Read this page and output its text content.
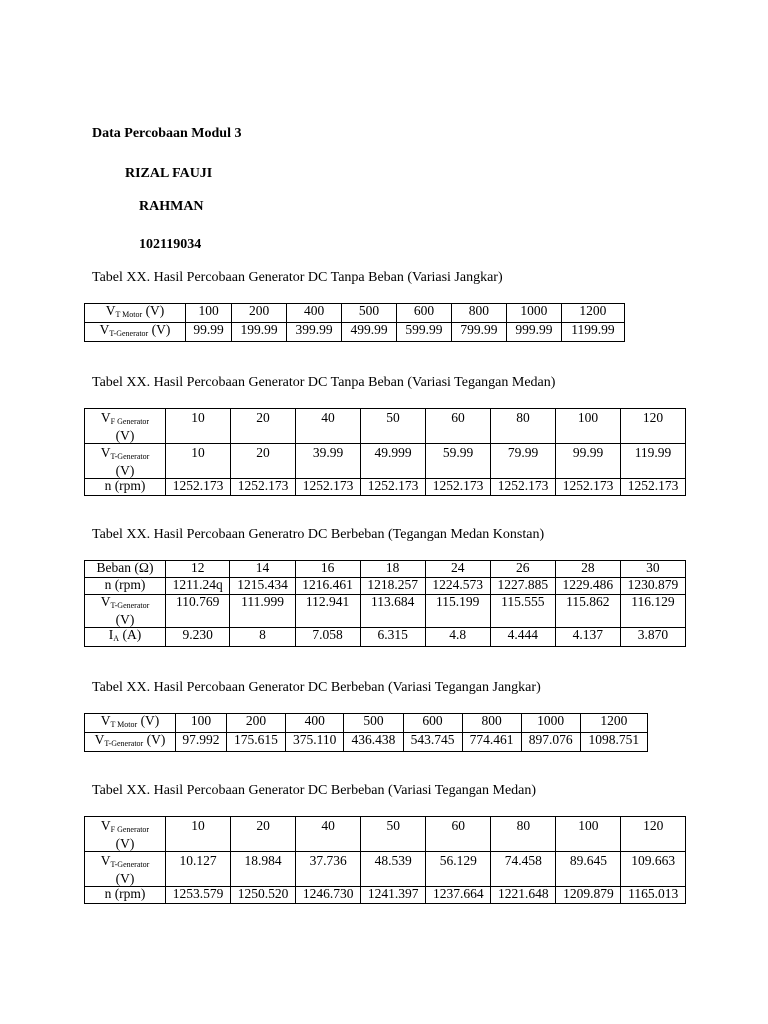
Data Percobaan Modul 3
RIZAL FAUJI
RAHMAN
102119034
Tabel XX. Hasil Percobaan Generator DC Tanpa Beban (Variasi Jangkar)
$V_{T Motor}$ (V)	100	200	400	500	600	800	1000	1200
$V_{T-Generator}$ (V)	99.99	199.99	399.99	499.99	599.99	799.99	999.99	1199.99
Tabel XX. Hasil Percobaan Generator DC Tanpa Beban (Variasi Tegangan Medan)
$V_{F Generator}$
(V)	10	20	40	50	60	80	100	120
$V_{T-Generator}$
(V)	10	20	39.99	49.999	59.99	79.99	99.99	119.99
n (rpm)	1252.173	1252.173	1252.173	1252.173	1252.173	1252.173	1252.173	1252.173
Tabel XX. Hasil Percobaan Generatro DC Berbeban (Tegangan Medan Konstan)
Beban (Ω)	12	14	16	18	24	26	28	30
n (rpm)	1211.24q	1215.434	1216.461	1218.257	1224.573	1227.885	1229.486	1230.879
$V_{T-Generator}$
(V)	110.769	111.999	112.941	113.684	115.199	115.555	115.862	116.129
$I_A$ (A)	9.230	8	7.058	6.315	4.8	4.444	4.137	3.870
Tabel XX. Hasil Percobaan Generator DC Berbeban (Variasi Tegangan Jangkar)
$V_{T Motor}$ (V)	100	200	400	500	600	800	1000	1200
$V_{T-Generator}$ (V)	97.992	175.615	375.110	436.438	543.745	774.461	897.076	1098.751
Tabel XX. Hasil Percobaan Generator DC Berbeban (Variasi Tegangan Medan)
$V_{F Generator}$
(V)	10	20	40	50	60	80	100	120
$V_{T-Generator}$
(V)	10.127	18.984	37.736	48.539	56.129	74.458	89.645	109.663
n (rpm)	1253.579	1250.520	1246.730	1241.397	1237.664	1221.648	1209.879	1165.013
